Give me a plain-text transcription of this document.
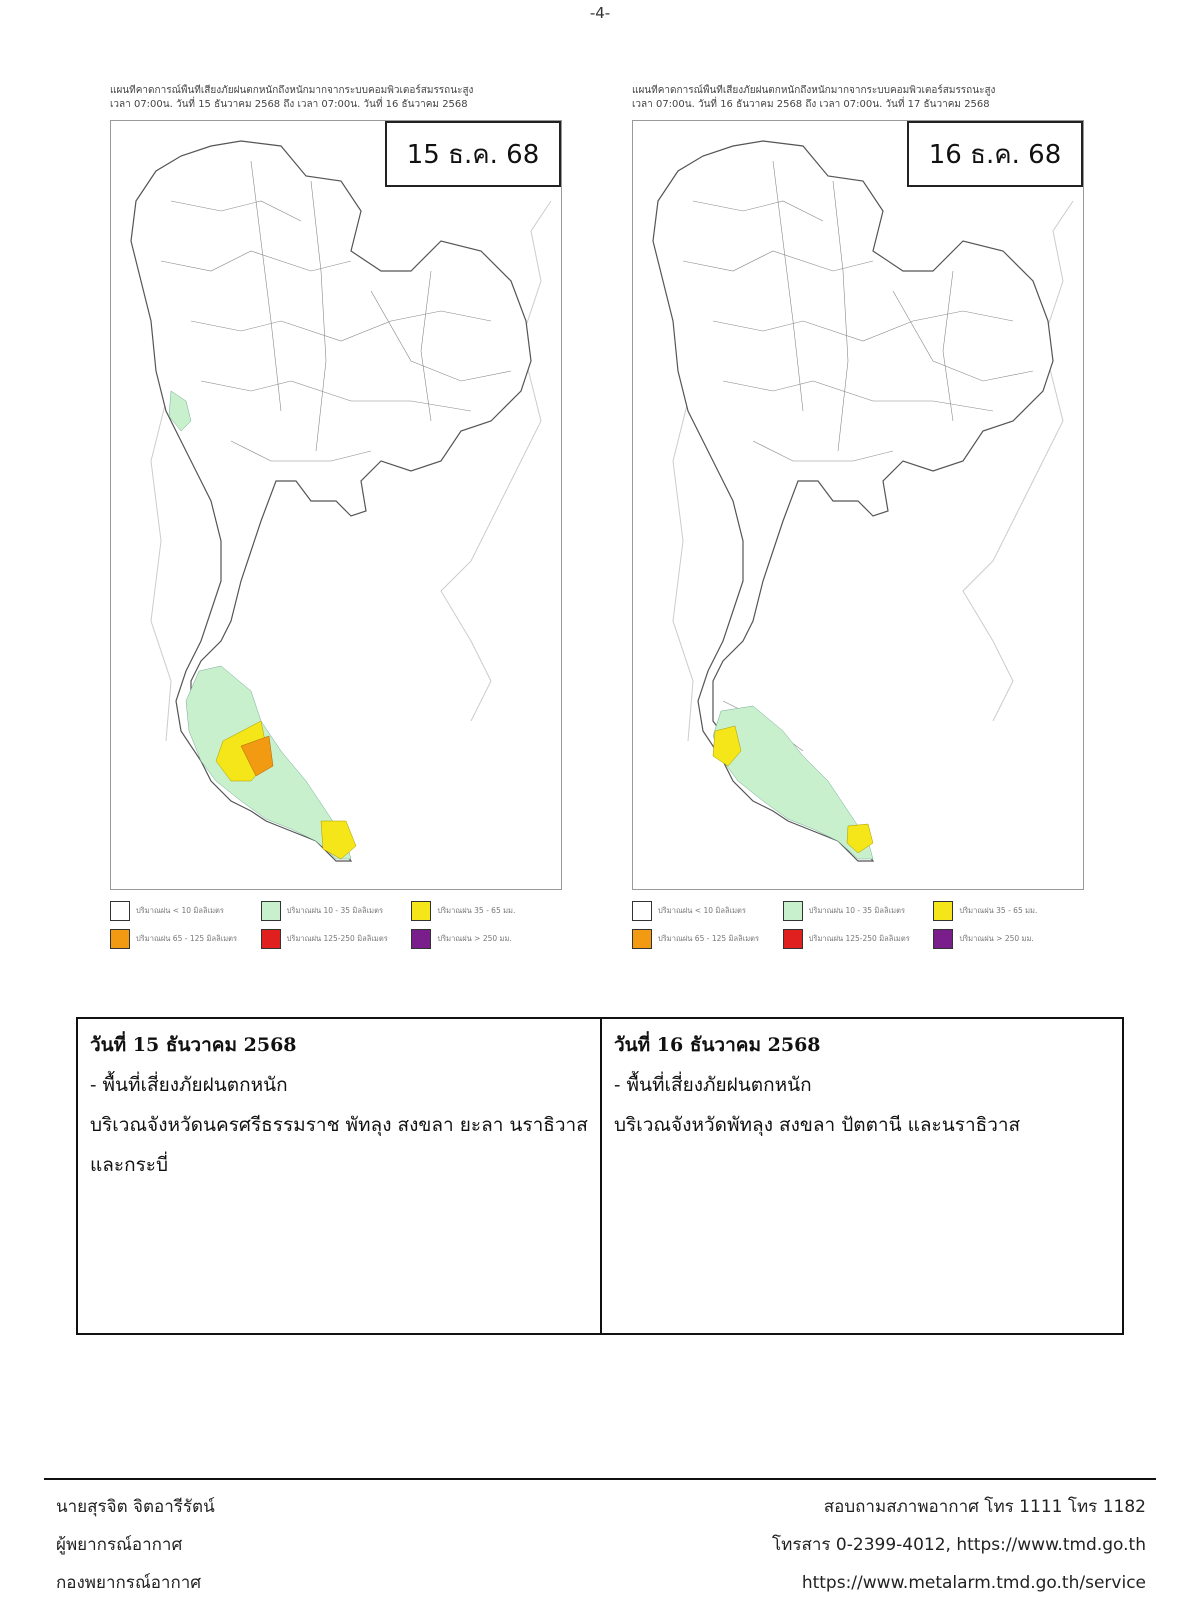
-4-
แผนที่คาดการณ์พื้นที่เสี่ยงภัยฝนตกหนักถึงหนักมากจากระบบคอมพิวเตอร์สมรรถนะสูง
เวลา 07:00น. วันที่ 15 ธันวาคม 2568 ถึง เวลา 07:00น. วันที่ 16 ธันวาคม 2568
15 ธ.ค. 68
ปริมาณฝน < 10 มิลลิเมตร	ปริมาณฝน 10 - 35 มิลลิเมตร	ปริมาณฝน 35 - 65 มม.
ปริมาณฝน 65 - 125 มิลลิเมตร	ปริมาณฝน 125-250 มิลลิเมตร	ปริมาณฝน > 250 มม.
แผนที่คาดการณ์พื้นที่เสี่ยงภัยฝนตกหนักถึงหนักมากจากระบบคอมพิวเตอร์สมรรถนะสูง
เวลา 07:00น. วันที่ 16 ธันวาคม 2568 ถึง เวลา 07:00น. วันที่ 17 ธันวาคม 2568
16 ธ.ค. 68
ปริมาณฝน < 10 มิลลิเมตร	ปริมาณฝน 10 - 35 มิลลิเมตร	ปริมาณฝน 35 - 65 มม.
ปริมาณฝน 65 - 125 มิลลิเมตร	ปริมาณฝน 125-250 มิลลิเมตร	ปริมาณฝน > 250 มม.
วันที่ 15 ธันวาคม 2568
- พื้นที่เสี่ยงภัยฝนตกหนัก
บริเวณจังหวัดนครศรีธรรมราช พัทลุง สงขลา ยะลา นราธิวาส
และกระบี่
วันที่ 16 ธันวาคม 2568
- พื้นที่เสี่ยงภัยฝนตกหนัก
บริเวณจังหวัดพัทลุง สงขลา ปัตตานี และนราธิวาส
นายสุรจิต จิตอารีรัตน์
ผู้พยากรณ์อากาศ
กองพยากรณ์อากาศ
สอบถามสภาพอากาศ โทร 1111 โทร 1182
โทรสาร 0-2399-4012, https://www.tmd.go.th
https://www.metalarm.tmd.go.th/service
